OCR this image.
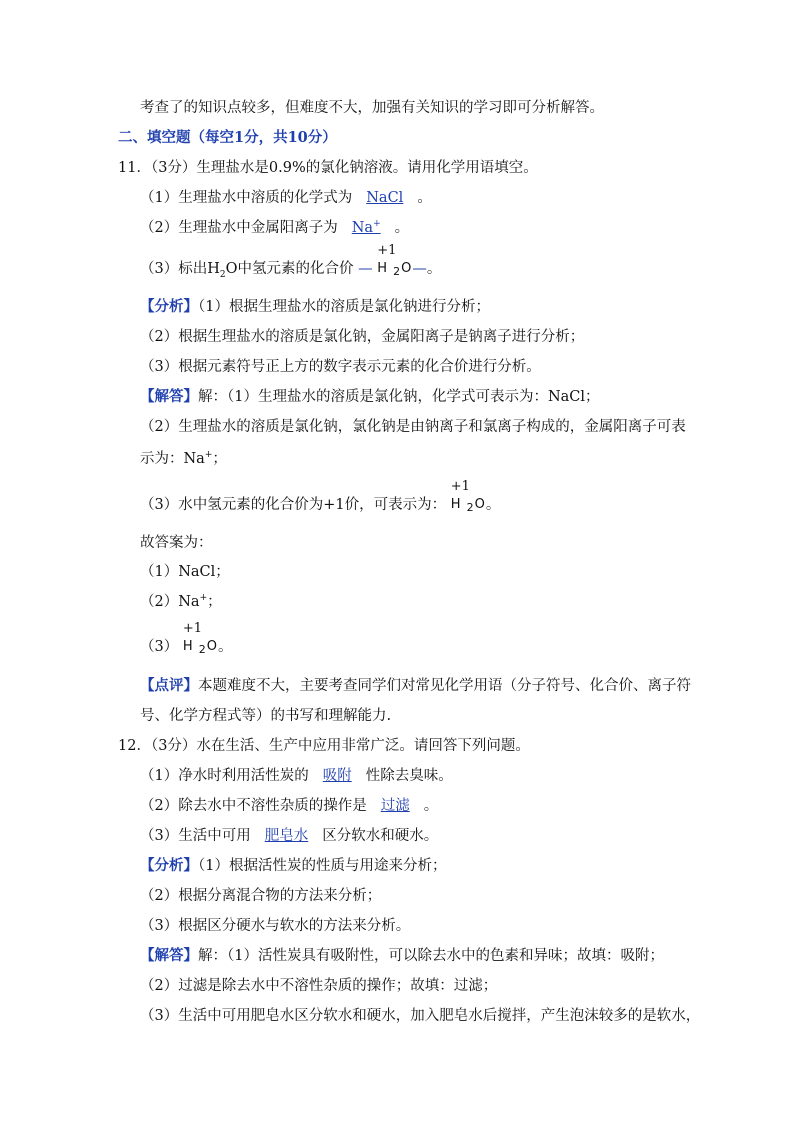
考查了的知识点较多，但难度不大，加强有关知识的学习即可分析解答。
二、填空题（每空1分，共10分）
11．（3分）生理盐水是0.9%的氯化钠溶液。请用化学用语填空。
（1）生理盐水中溶质的化学式为 NaCl 。
（2）生理盐水中金属阳离子为 Na+ 。
（3）标出$H_2O$中氢元素的化合价 —
+1
H $_2$O—。
【分析】（1）根据生理盐水的溶质是氯化钠进行分析；
（2）根据生理盐水的溶质是氯化钠，金属阳离子是钠离子进行分析；
（3）根据元素符号正上方的数字表示元素的化合价进行分析。
【解答】解：（1）生理盐水的溶质是氯化钠，化学式可表示为：NaCl；
（2）生理盐水的溶质是氯化钠，氯化钠是由钠离子和氯离子构成的，金属阳离子可表
示为：Na+；
（3）水中氢元素的化合价为+1价，可表示为：
+1
H $_2$O。
故答案为：
（1）NaCl；
（2）Na+；
（3）
+1
H $_2$O。
【点评】本题难度不大，主要考查同学们对常见化学用语（分子符号、化合价、离子符
号、化学方程式等）的书写和理解能力.
12．（3分）水在生活、生产中应用非常广泛。请回答下列问题。
（1）净水时利用活性炭的 吸附 性除去臭味。
（2）除去水中不溶性杂质的操作是 过滤 。
（3）生活中可用 肥皂水 区分软水和硬水。
【分析】（1）根据活性炭的性质与用途来分析；
（2）根据分离混合物的方法来分析；
（3）根据区分硬水与软水的方法来分析。
【解答】解：（1）活性炭具有吸附性，可以除去水中的色素和异味；故填：吸附；
（2）过滤是除去水中不溶性杂质的操作；故填：过滤；
（3）生活中可用肥皂水区分软水和硬水，加入肥皂水后搅拌，产生泡沫较多的是软水，
